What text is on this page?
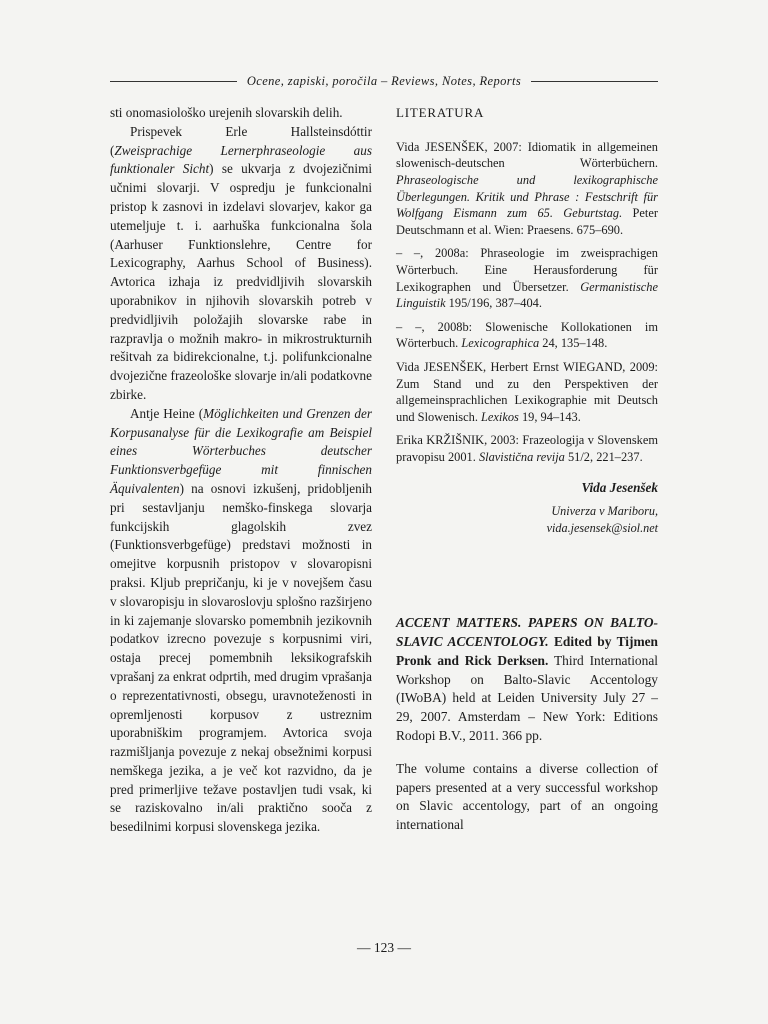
Ocene, zapiski, poročila – Reviews, Notes, Reports

sti onomasiološko urejenih slovarskih delih.

Prispevek Erle Hallsteinsdóttir (Zweisprachige Lernerphraseologie aus funktionaler Sicht) se ukvarja z dvojezičnimi učnimi slovarji. V ospredju je funkcionalni pristop k zasnovi in izdelavi slovarjev, kakor ga utemeljuje t. i. aarhuška funkcionalna šola (Aarhuser Funktionslehre, Centre for Lexicography, Aarhus School of Business). Avtorica izhaja iz predvidljivih slovarskih uporabnikov in njihovih slovarskih potreb v predvidljivih položajih slovarske rabe in razpravlja o možnih makro- in mikrostrukturnih rešitvah za bidirekcionalne, t.j. polifunkcionalne dvojezične frazeološke slovarje in/ali podatkovne zbirke.

Antje Heine (Möglichkeiten und Grenzen der Korpusanalyse für die Lexikografie am Beispiel eines Wörterbuches deutscher Funktionsverbgefüge mit finnischen Äquivalenten) na osnovi izkušenj, pridobljenih pri sestavljanju nemško-finskega slovarja funkcijskih glagolskih zvez (Funktionsverbgefüge) predstavi možnosti in omejitve korpusnih pristopov v slovaropisni praksi. Kljub prepričanju, ki je v novejšem času v slovaropisju in slovaroslovju splošno razširjeno in ki zajemanje slovarsko pomembnih jezikovnih podatkov izrecno povezuje s korpusnimi viri, ostaja precej pomembnih leksikografskih vprašanj za enkrat odprtih, med drugim vprašanja o reprezentativnosti, obsegu, uravnoteženosti in opremljenosti korpusov z ustreznim uporabniškim programjem. Avtorica svoja razmišljanja povezuje z nekaj obsežnimi korpusi nemškega jezika, a je več kot razvidno, da je pred primerljive težave postavljen tudi vsak, ki se raziskovalno in/ali praktično sooča z besedilnimi korpusi slovenskega jezika.

LITERATURA

Vida JESENŠEK, 2007: Idiomatik in allgemeinen slowenisch-deutschen Wörterbüchern. Phraseologische und lexikographische Überlegungen. Kritik und Phrase : Festschrift für Wolfgang Eismann zum 65. Geburtstag. Peter Deutschmann et al. Wien: Praesens. 675–690.

– –, 2008a: Phraseologie im zweisprachigen Wörterbuch. Eine Herausforderung für Lexikographen und Übersetzer. Germanistische Linguistik 195/196, 387–404.

– –, 2008b: Slowenische Kollokationen im Wörterbuch. Lexicographica 24, 135–148.

Vida JESENŠEK, Herbert Ernst WIEGAND, 2009: Zum Stand und zu den Perspektiven der allgemeinsprachlichen Lexikographie mit Deutsch und Slowenisch. Lexikos 19, 94–143.

Erika KRŽIŠNIK, 2003: Frazeologija v Slovenskem pravopisu 2001. Slavistična revija 51/2, 221–237.

Vida Jesenšek

Univerza v Mariboru,
vida.jesensek@siol.net

ACCENT MATTERS. PAPERS ON BALTO-SLAVIC ACCENTOLOGY. Edited by Tijmen Pronk and Rick Derksen. Third International Workshop on Balto-Slavic Accentology (IWoBA) held at Leiden University July 27 – 29, 2007. Amsterdam – New York: Editions Rodopi B.V., 2011. 366 pp.

The volume contains a diverse collection of papers presented at a very successful workshop on Slavic accentology, part of an ongoing international

— 123 —
